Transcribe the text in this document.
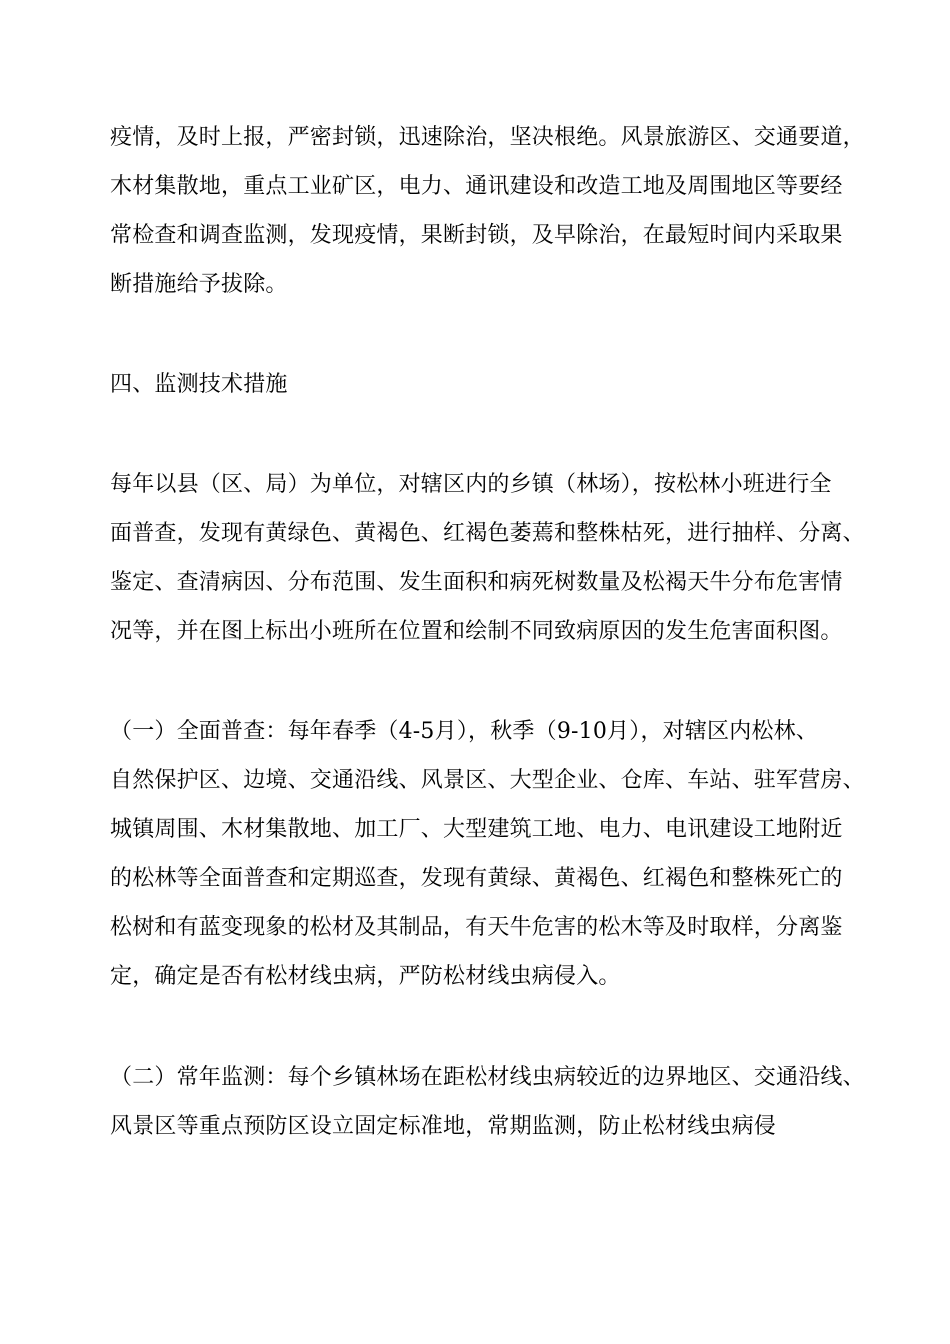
疫情，及时上报，严密封锁，迅速除治，坚决根绝。风景旅游区、交通要道，
木材集散地，重点工业矿区，电力、通讯建设和改造工地及周围地区等要经
常检查和调查监测，发现疫情，果断封锁，及早除治，在最短时间内采取果
断措施给予拔除。
四、监测技术措施
每年以县（区、局）为单位，对辖区内的乡镇（林场），按松林小班进行全
面普查，发现有黄绿色、黄褐色、红褐色萎蔫和整株枯死，进行抽样、分离、
鉴定、查清病因、分布范围、发生面积和病死树数量及松褐天牛分布危害情
况等，并在图上标出小班所在位置和绘制不同致病原因的发生危害面积图。
（一）全面普查：每年春季（4-5月），秋季（9-10月），对辖区内松林、
自然保护区、边境、交通沿线、风景区、大型企业、仓库、车站、驻军营房、
城镇周围、木材集散地、加工厂、大型建筑工地、电力、电讯建设工地附近
的松林等全面普查和定期巡查，发现有黄绿、黄褐色、红褐色和整株死亡的
松树和有蓝变现象的松材及其制品，有天牛危害的松木等及时取样，分离鉴
定，确定是否有松材线虫病，严防松材线虫病侵入。
（二）常年监测：每个乡镇林场在距松材线虫病较近的边界地区、交通沿线、
风景区等重点预防区设立固定标准地，常期监测，防止松材线虫病侵
